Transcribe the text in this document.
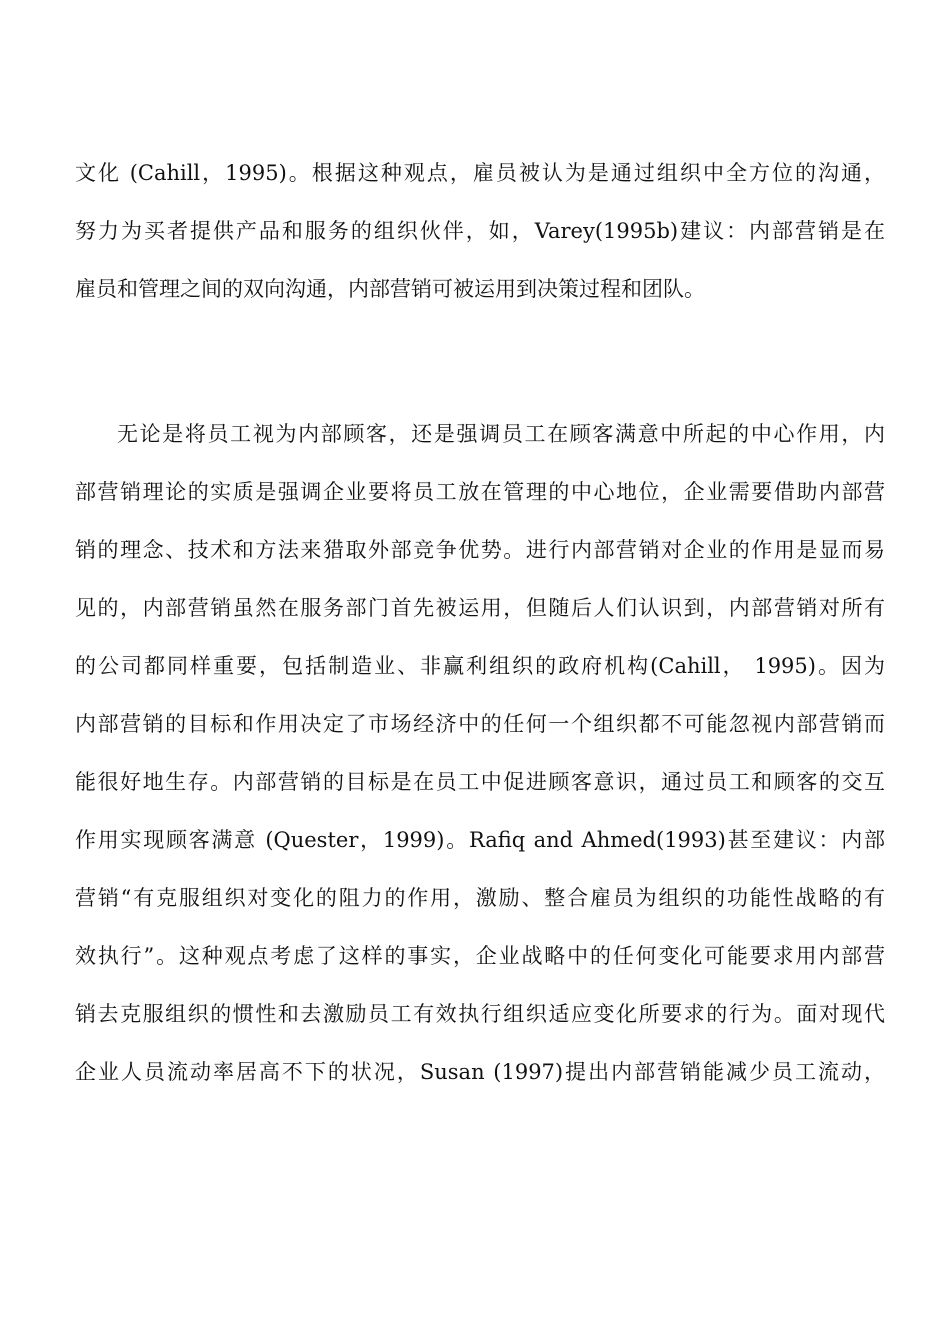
文化 (Cahill，1995)。根据这种观点，雇员被认为是通过组织中全方位的沟通，
努力为买者提供产品和服务的组织伙伴，如，Varey(1995b)建议：内部营销是在
雇员和管理之间的双向沟通，内部营销可被运用到决策过程和团队。
无论是将员工视为内部顾客，还是强调员工在顾客满意中所起的中心作用，内
部营销理论的实质是强调企业要将员工放在管理的中心地位，企业需要借助内部营
销的理念、技术和方法来猎取外部竞争优势。进行内部营销对企业的作用是显而易
见的，内部营销虽然在服务部门首先被运用，但随后人们认识到，内部营销对所有
的公司都同样重要，包括制造业、非赢利组织的政府机构(Cahill， 1995)。因为
内部营销的目标和作用决定了市场经济中的任何一个组织都不可能忽视内部营销而
能很好地生存。内部营销的目标是在员工中促进顾客意识，通过员工和顾客的交互
作用实现顾客满意 (Quester，1999)。Rafiq and Ahmed(1993)甚至建议：内部
营销“有克服组织对变化的阻力的作用，激励、整合雇员为组织的功能性战略的有
效执行”。这种观点考虑了这样的事实，企业战略中的任何变化可能要求用内部营
销去克服组织的惯性和去激励员工有效执行组织适应变化所要求的行为。面对现代
企业人员流动率居高不下的状况，Susan (1997)提出内部营销能减少员工流动，
